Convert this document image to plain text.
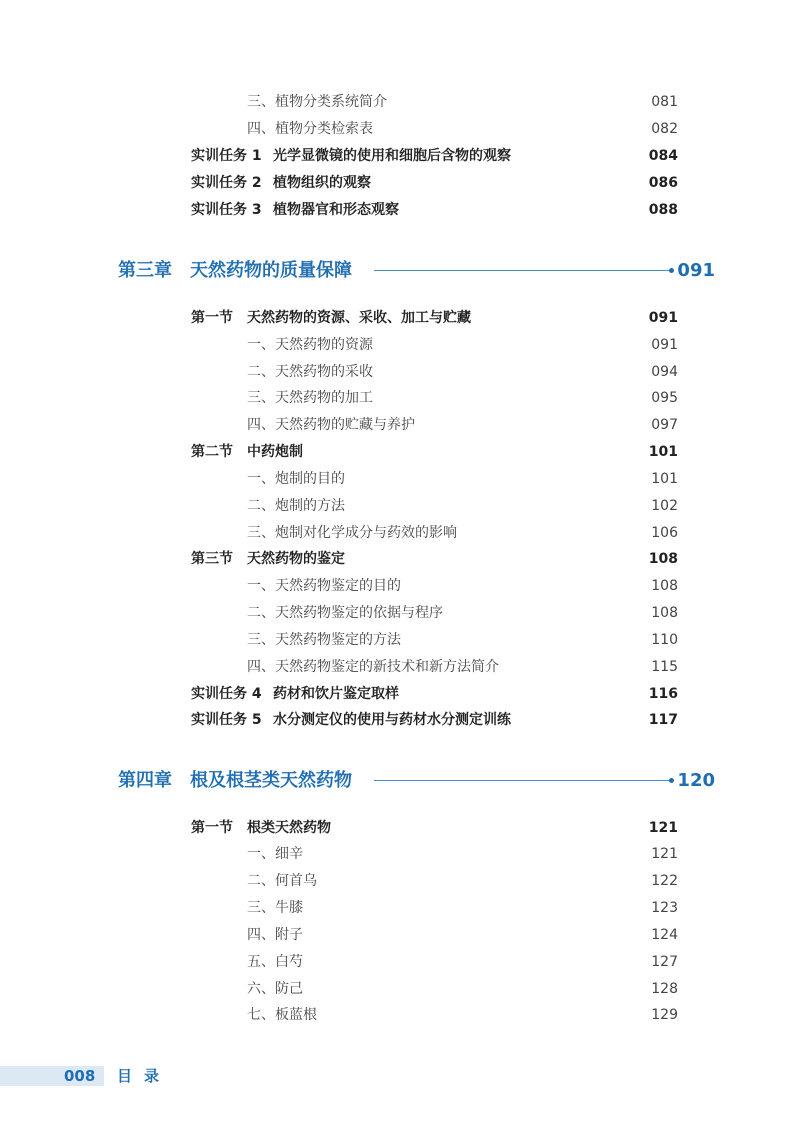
三、植物分类系统简介	081
四、植物分类检索表	082
实训任务 1 光学显微镜的使用和细胞后含物的观察	084
实训任务 2 植物组织的观察	086
实训任务 3 植物器官和形态观察	088
第三章 天然药物的质量保障	091
第一节 天然药物的资源、采收、加工与贮藏	091
一、天然药物的资源	091
二、天然药物的采收	094
三、天然药物的加工	095
四、天然药物的贮藏与养护	097
第二节 中药炮制	101
一、炮制的目的	101
二、炮制的方法	102
三、炮制对化学成分与药效的影响	106
第三节 天然药物的鉴定	108
一、天然药物鉴定的目的	108
二、天然药物鉴定的依据与程序	108
三、天然药物鉴定的方法	110
四、天然药物鉴定的新技术和新方法简介	115
实训任务 4 药材和饮片鉴定取样	116
实训任务 5 水分测定仪的使用与药材水分测定训练	117
第四章 根及根茎类天然药物	120
第一节 根类天然药物	121
一、细辛	121
二、何首乌	122
三、牛膝	123
四、附子	124
五、白芍	127
六、防己	128
七、板蓝根	129
008 目录
